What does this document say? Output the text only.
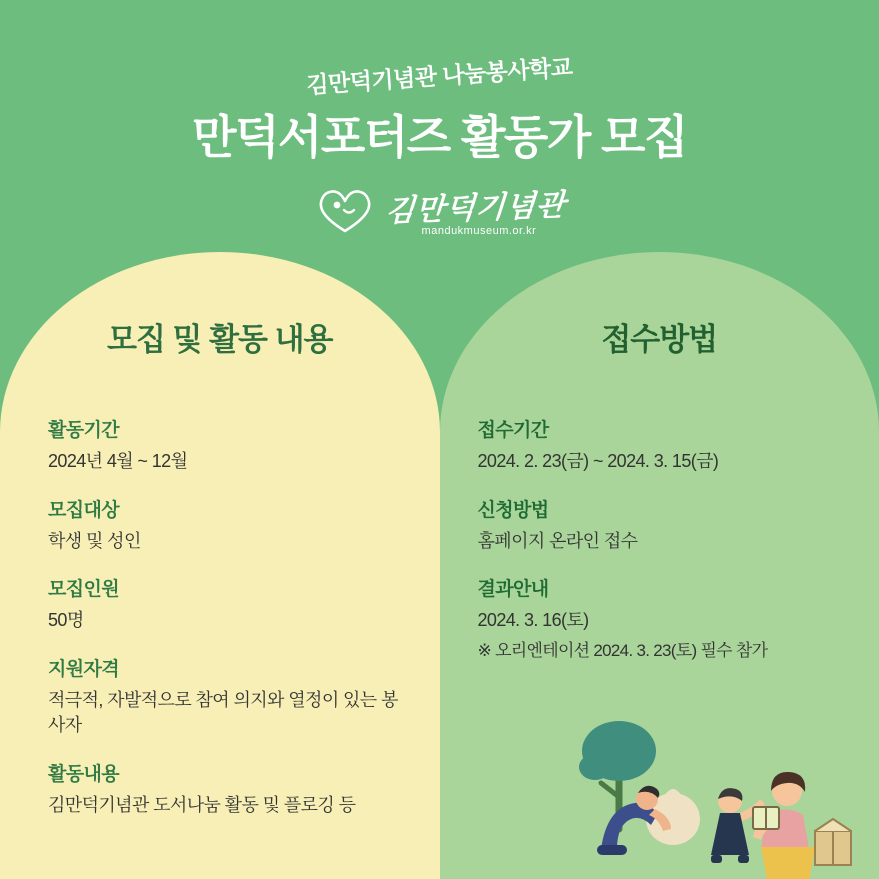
김만덕기념관 나눔봉사학교
만덕서포터즈 활동가 모집
김만덕기념관
mandukmuseum.or.kr
모집 및 활동 내용
활동기간
2024년 4월 ~ 12월
모집대상
학생 및 성인
모집인원
50명
지원자격
적극적, 자발적으로 참여 의지와 열정이 있는 봉사자
활동내용
김만덕기념관 도서나눔 활동 및 플로깅 등
접수방법
접수기간
2024. 2. 23(금) ~ 2024. 3. 15(금)
신청방법
홈페이지 온라인 접수
결과안내
2024. 3. 16(토)
※ 오리엔테이션 2024. 3. 23(토) 필수 참가
